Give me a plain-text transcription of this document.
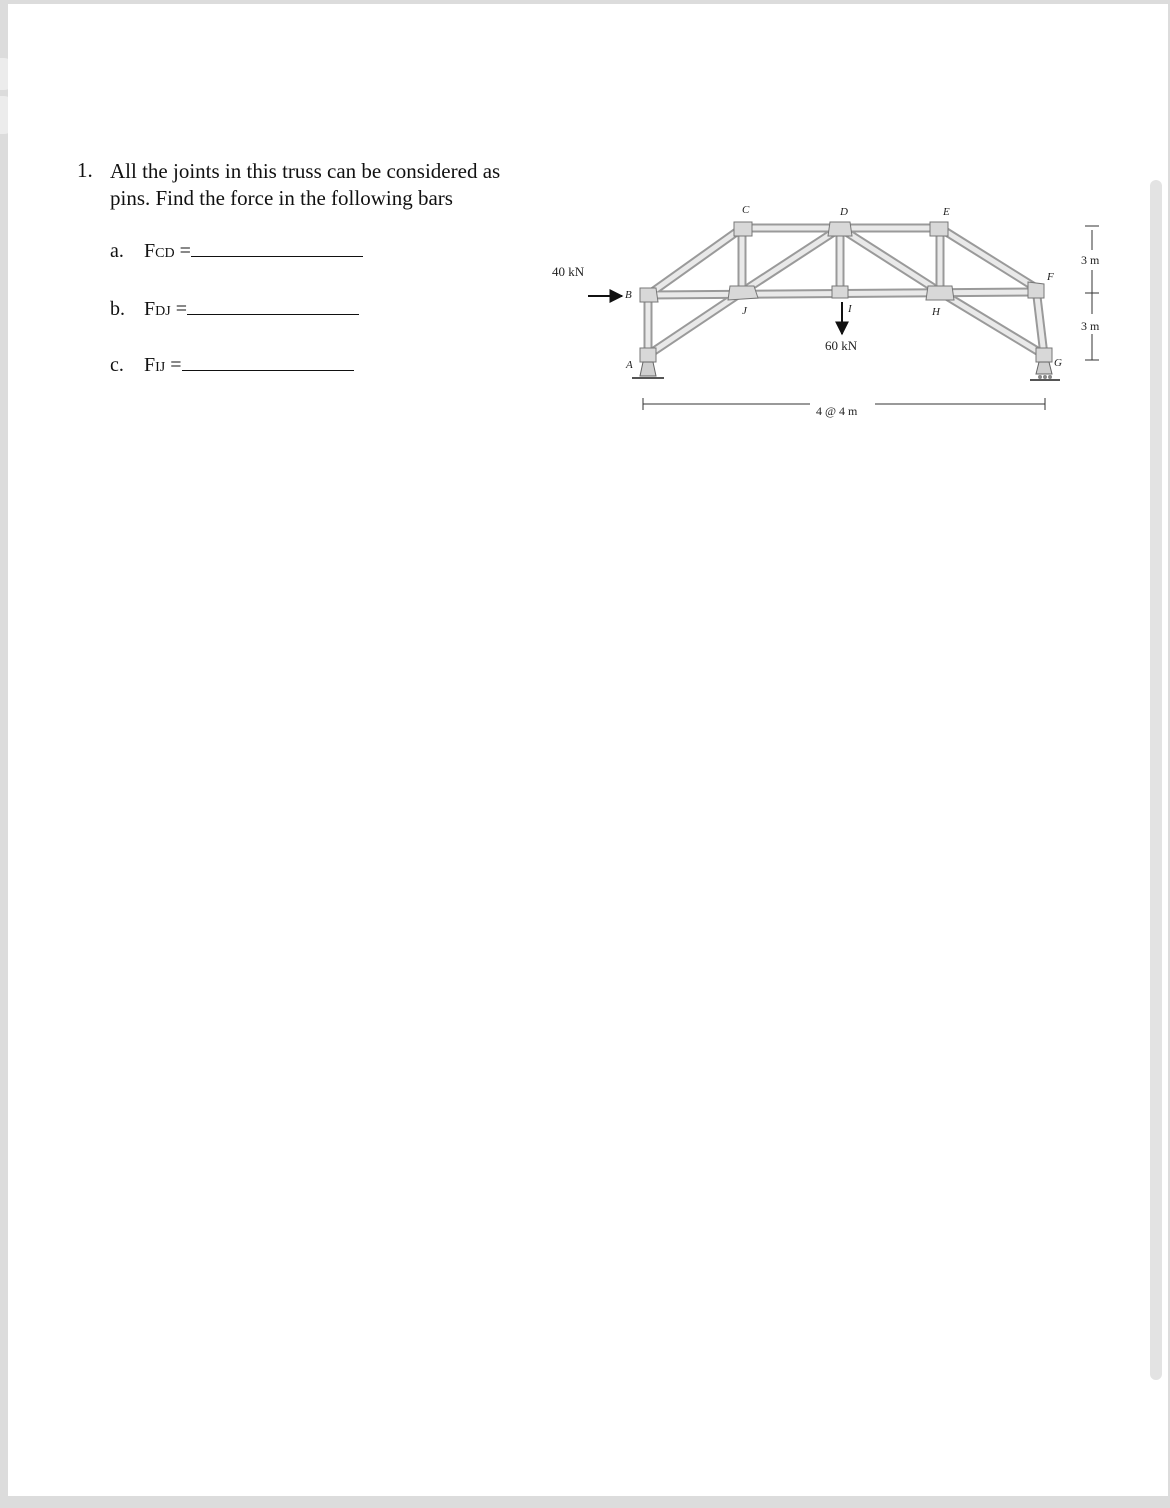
1. All the joints in this truss can be considered as
pins. Find the force in the following bars
a. FCD =
b. FDJ =
c. FIJ =	A
B
C	D	E
F
G
H
I
J
40 kN
60 kN
4 @ 4 m
3 m
3 m
